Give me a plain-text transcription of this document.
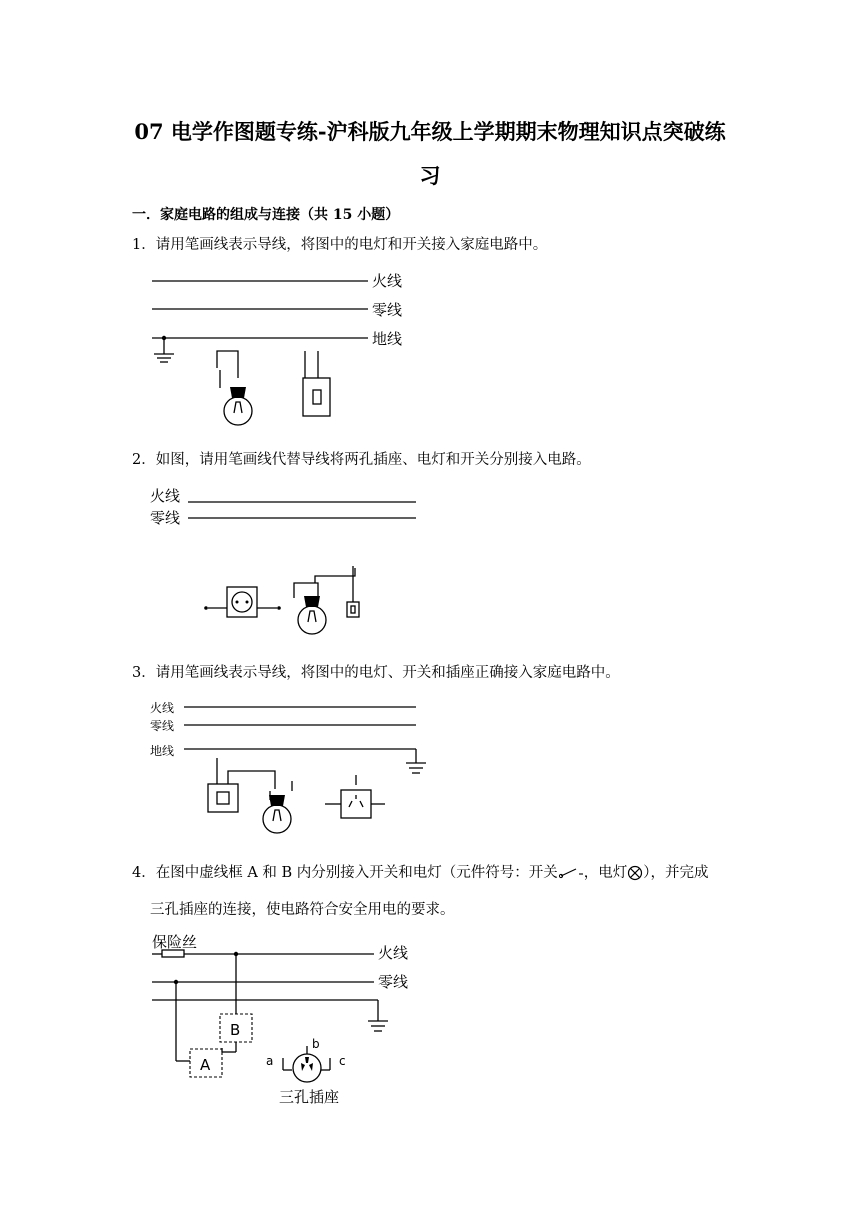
07 电学作图题专练-沪科版九年级上学期期末物理知识点突破练
习
一．家庭电路的组成与连接（共 15 小题）
1．请用笔画线表示导线，将图中的电灯和开关接入家庭电路中。
火线
零线
地线
2．如图，请用笔画线代替导线将两孔插座、电灯和开关分别接入电路。
火线
零线
3．请用笔画线表示导线，将图中的电灯、开关和插座正确接入家庭电路中。
火线
零线
地线
4．在图中虚线框 A 和 B 内分别接入开关和电灯（元件符号：开关 ，电灯 ），并完成
三孔插座的连接，使电路符合安全用电的要求。
保险丝
火线
零线
B
A	a
b
c
三孔插座
